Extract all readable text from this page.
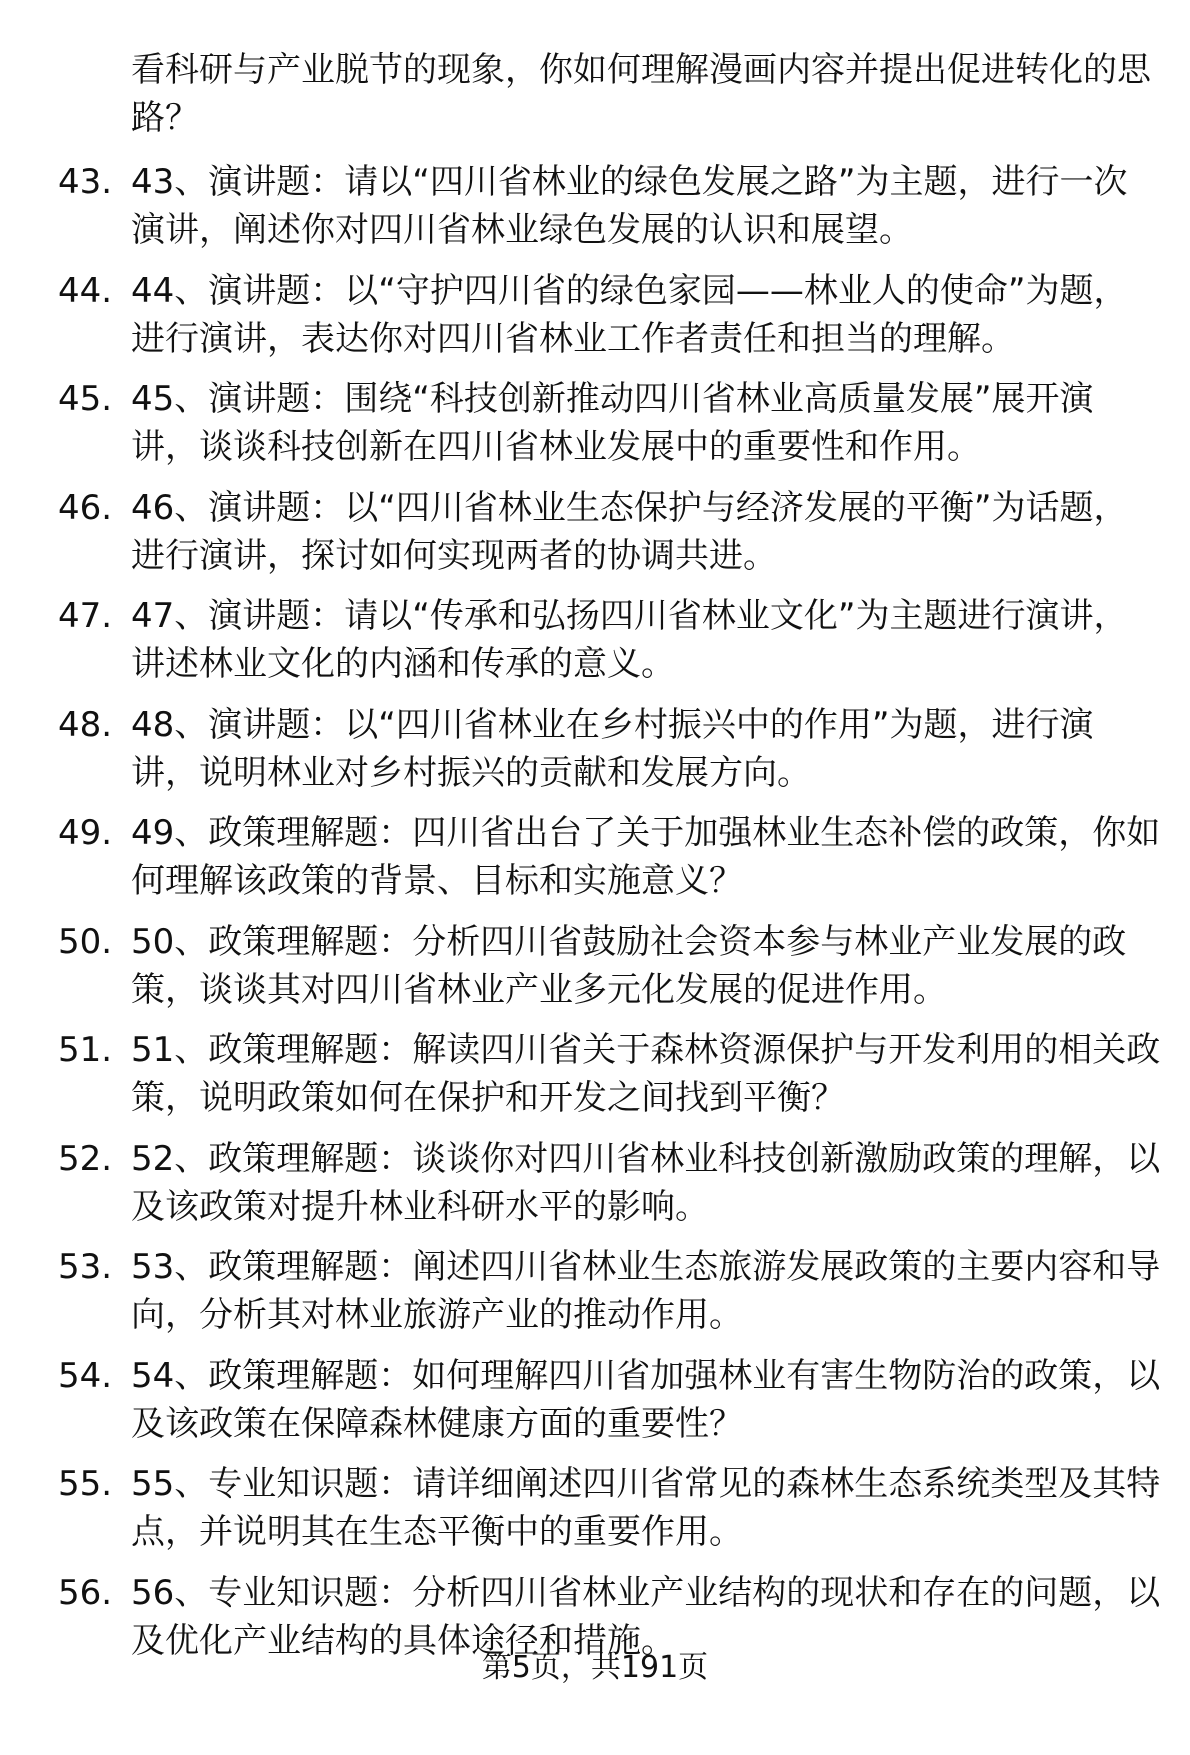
看科研与产业脱节的现象，你如何理解漫画内容并提出促进转化的思路？
43. 43、演讲题：请以“四川省林业的绿色发展之路”为主题，进行一次演讲，阐述你对四川省林业绿色发展的认识和展望。
44. 44、演讲题：以“守护四川省的绿色家园——林业人的使命”为题，进行演讲，表达你对四川省林业工作者责任和担当的理解。
45. 45、演讲题：围绕“科技创新推动四川省林业高质量发展”展开演讲，谈谈科技创新在四川省林业发展中的重要性和作用。
46. 46、演讲题：以“四川省林业生态保护与经济发展的平衡”为话题，进行演讲，探讨如何实现两者的协调共进。
47. 47、演讲题：请以“传承和弘扬四川省林业文化”为主题进行演讲，讲述林业文化的内涵和传承的意义。
48. 48、演讲题：以“四川省林业在乡村振兴中的作用”为题，进行演讲，说明林业对乡村振兴的贡献和发展方向。
49. 49、政策理解题：四川省出台了关于加强林业生态补偿的政策，你如何理解该政策的背景、目标和实施意义？
50. 50、政策理解题：分析四川省鼓励社会资本参与林业产业发展的政策，谈谈其对四川省林业产业多元化发展的促进作用。
51. 51、政策理解题：解读四川省关于森林资源保护与开发利用的相关政策，说明政策如何在保护和开发之间找到平衡？
52. 52、政策理解题：谈谈你对四川省林业科技创新激励政策的理解，以及该政策对提升林业科研水平的影响。
53. 53、政策理解题：阐述四川省林业生态旅游发展政策的主要内容和导向，分析其对林业旅游产业的推动作用。
54. 54、政策理解题：如何理解四川省加强林业有害生物防治的政策，以及该政策在保障森林健康方面的重要性？
55. 55、专业知识题：请详细阐述四川省常见的森林生态系统类型及其特点，并说明其在生态平衡中的重要作用。
56. 56、专业知识题：分析四川省林业产业结构的现状和存在的问题，以及优化产业结构的具体途径和措施。
第5页，共191页
